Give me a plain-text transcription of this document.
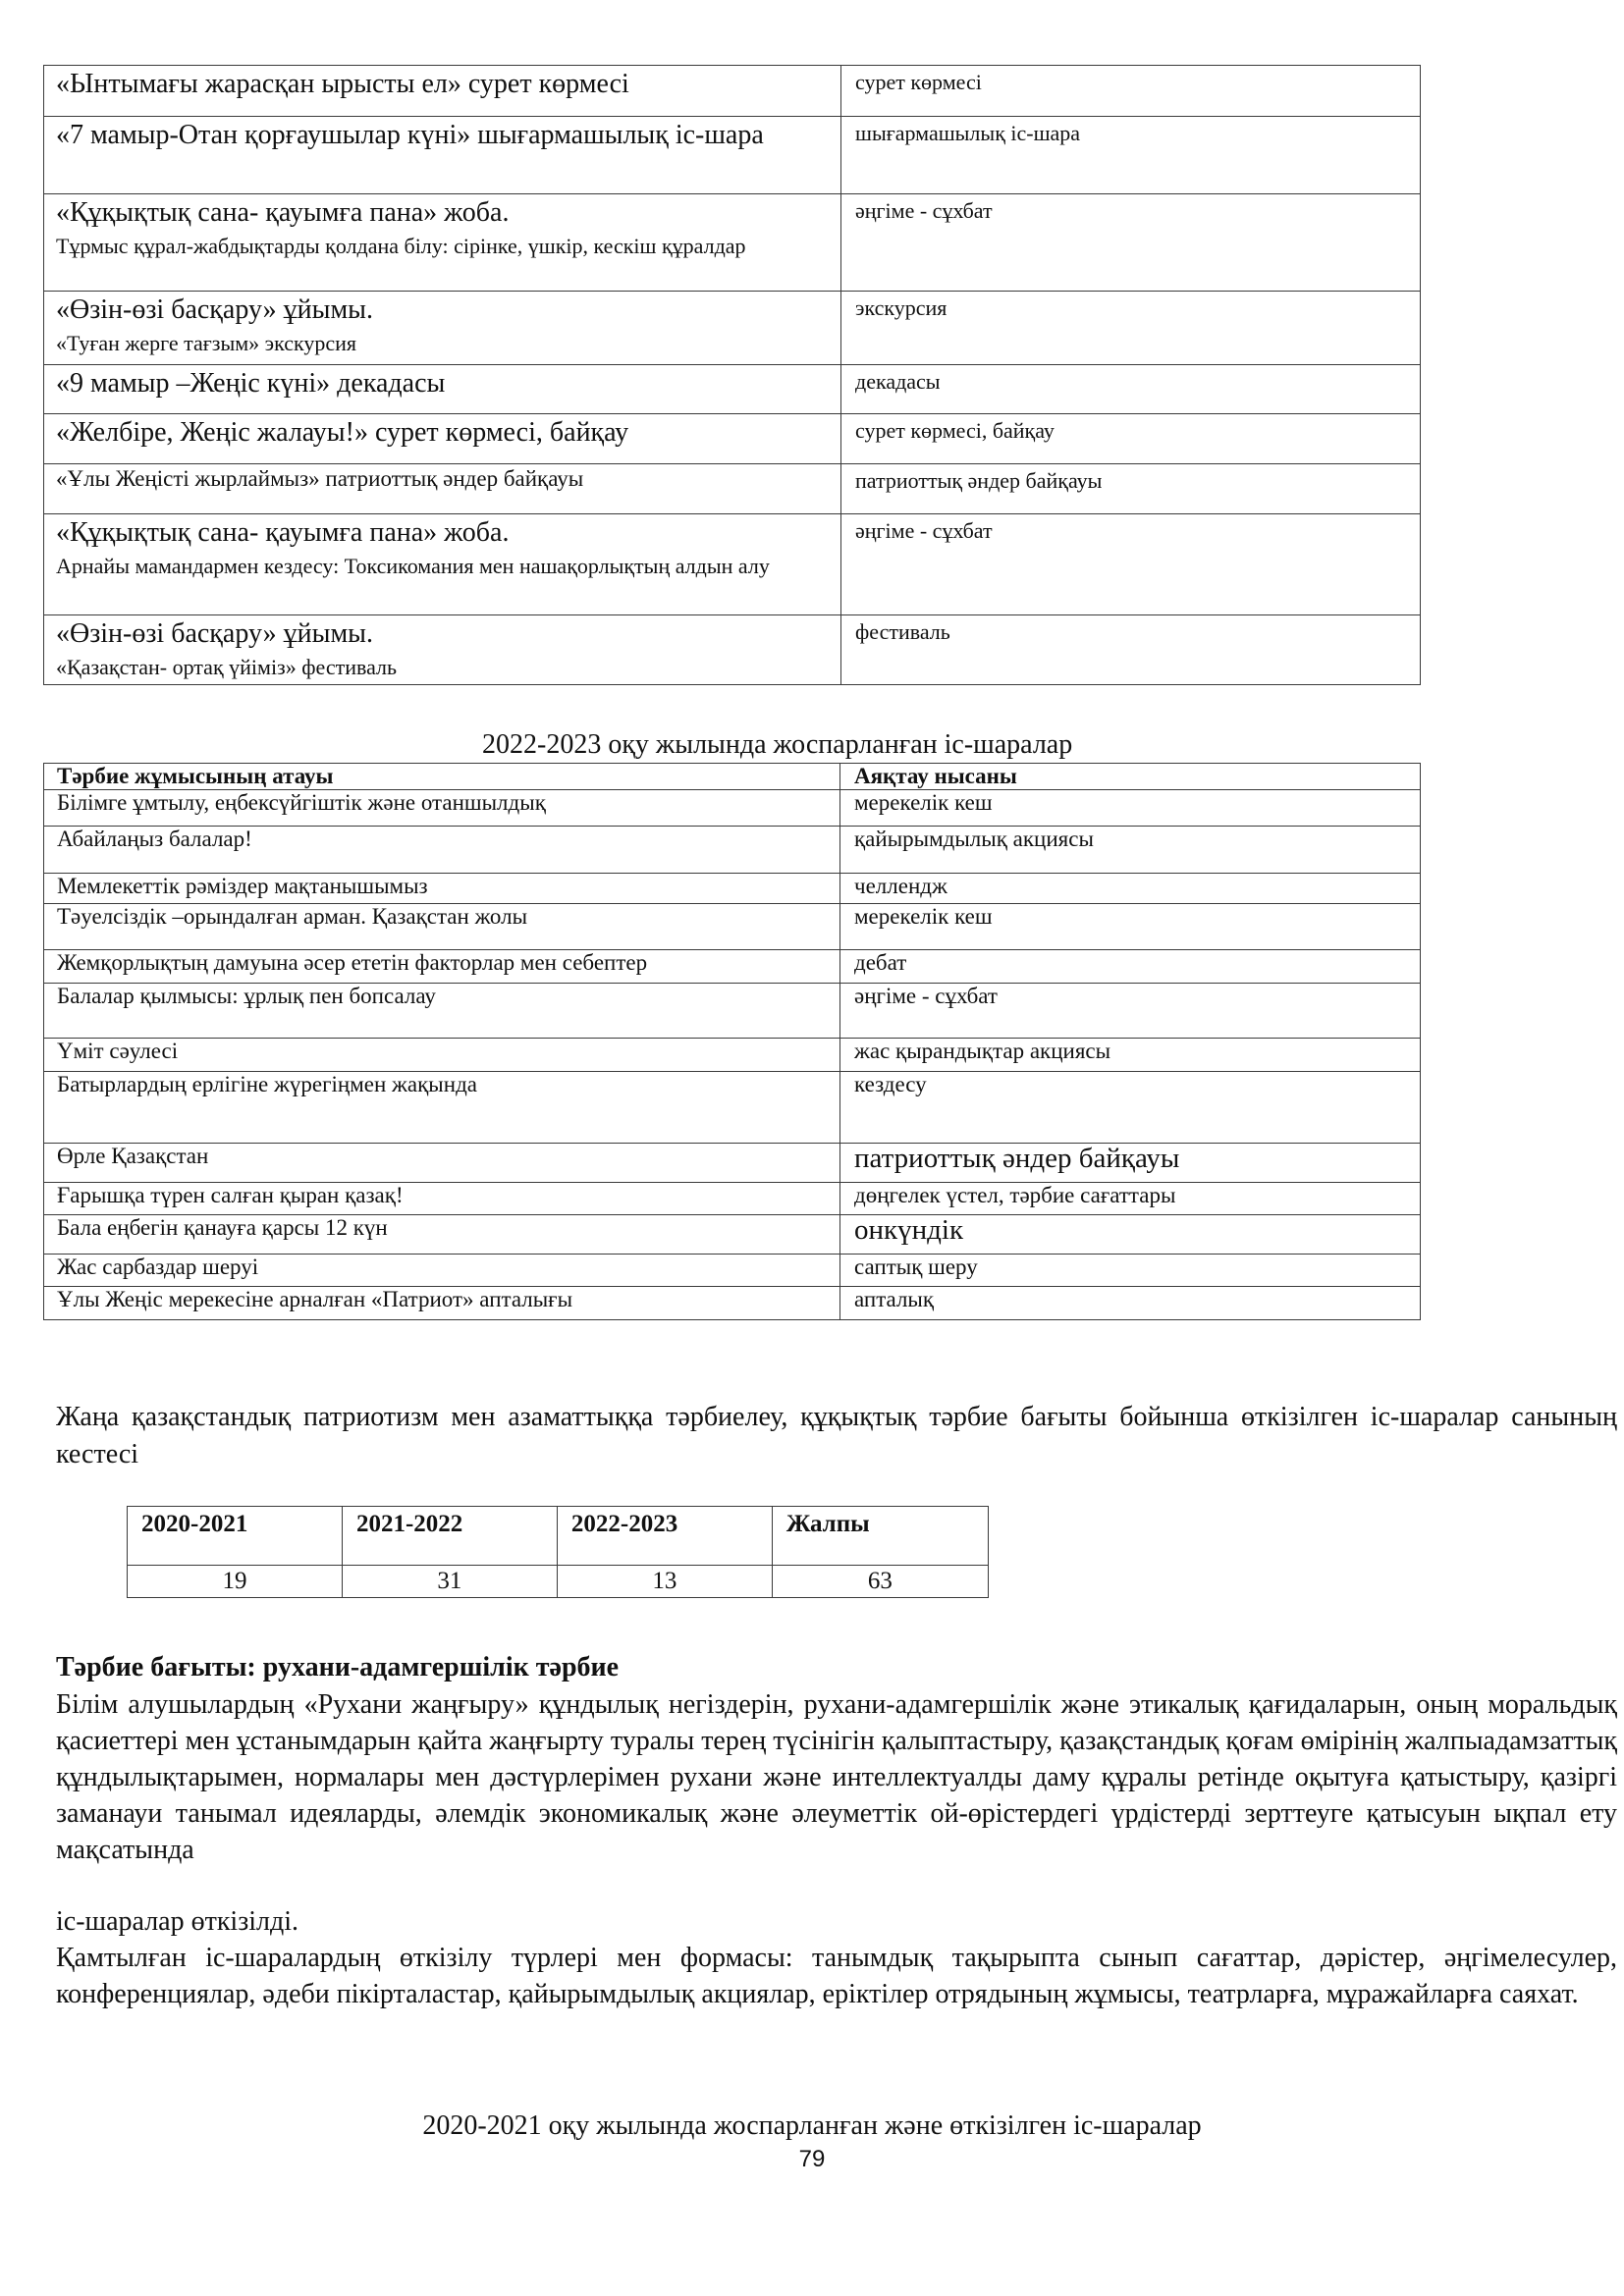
«Ынтымағы жарасқан ырысты ел» сурет көрмесі	сурет көрмесі

«7 мамыр-Отан қорғаушылар күні» шығармашылық іс-шара	шығармашылық іс-шара

«Құқықтық сана- қауымға пана» жоба.
Тұрмыс құрал-жабдықтарды қолдана білу: сірінке, үшкір, кескіш құралдар	әңгіме - сұхбат

«Өзін-өзі басқару» ұйымы.
«Туған жерге тағзым» экскурсия	экскурсия

«9 мамыр –Жеңіс күні» декадасы	декадасы

«Желбіре, Жеңіс жалауы!» сурет көрмесі, байқау	сурет көрмесі, байқау

«Ұлы Жеңісті жырлаймыз» патриоттық әндер байқауы	патриоттық әндер байқауы

«Құқықтық сана- қауымға пана» жоба.
Арнайы мамандармен кездесу: Токсикомания мен нашақорлықтың алдын алу	әңгіме - сұхбат

«Өзін-өзі басқару» ұйымы.
«Қазақстан- ортақ үйіміз» фестиваль	фестиваль
2022-2023 оқу жылында жоспарланған іс-шаралар
Тәрбие жұмысының атауы	Аяқтау нысаны
Білімге ұмтылу, еңбексүйгіштік және отаншылдық	мерекелік кеш
Абайлаңыз балалар!	қайырымдылық акциясы
Мемлекеттік рәміздер мақтанышымыз	челлендж
Тәуелсіздік –орындалған арман. Қазақстан жолы	мерекелік кеш
Жемқорлықтың дамуына әсер ететін факторлар мен себептер	дебат
Балалар қылмысы: ұрлық пен бопсалау	әңгіме - сұхбат
Үміт сәулесі	жас қырандықтар акциясы
Батырлардың ерлігіне жүрегіңмен жақында	кездесу
Өрле Қазақстан	патриоттық әндер байқауы
Ғарышқа түрен салған қыран қазақ!	дөңгелек үстел, тәрбие сағаттары
Бала еңбегін қанауға қарсы 12 күн	онкүндік
Жас сарбаздар шеруі	саптық шеру
Ұлы Жеңіс мерекесіне арналған «Патриот» апталығы	апталық
Жаңа қазақстандық патриотизм мен азаматтыққа тәрбиелеу, құқықтық тәрбие бағыты бойынша өткізілген іс-шаралар санының кестесі
2020-2021	2021-2022	2022-2023	Жалпы
19	31	13	63
Тәрбие бағыты: рухани-адамгершілік тәрбие
Білім алушылардың «Рухани жаңғыру» құндылық негіздерін, рухани-адамгершілік және этикалық қағидаларын, оның моральдық қасиеттері мен ұстанымдарын қайта жаңғырту туралы терең түсінігін қалыптастыру, қазақстандық қоғам өмірінің жалпыадамзаттық құндылықтарымен, нормалары мен дәстүрлерімен рухани және интеллектуалды даму құралы ретінде оқытуға қатыстыру, қазіргі заманауи танымал идеяларды, әлемдік экономикалық және әлеуметтік ой-өрістердегі үрдістерді зерттеуге қатысуын ықпал ету мақсатында
іс-шаралар өткізілді.
Қамтылған іс-шаралардың өткізілу түрлері мен формасы: танымдық тақырыпта сынып сағаттар, дәрістер, әңгімелесулер, конференциялар, әдеби пікірталастар, қайырымдылық акциялар, еріктілер отрядының жұмысы, театрларға, мұражайларға саяхат.
2020-2021 оқу жылында жоспарланған және өткізілген іс-шаралар
79
